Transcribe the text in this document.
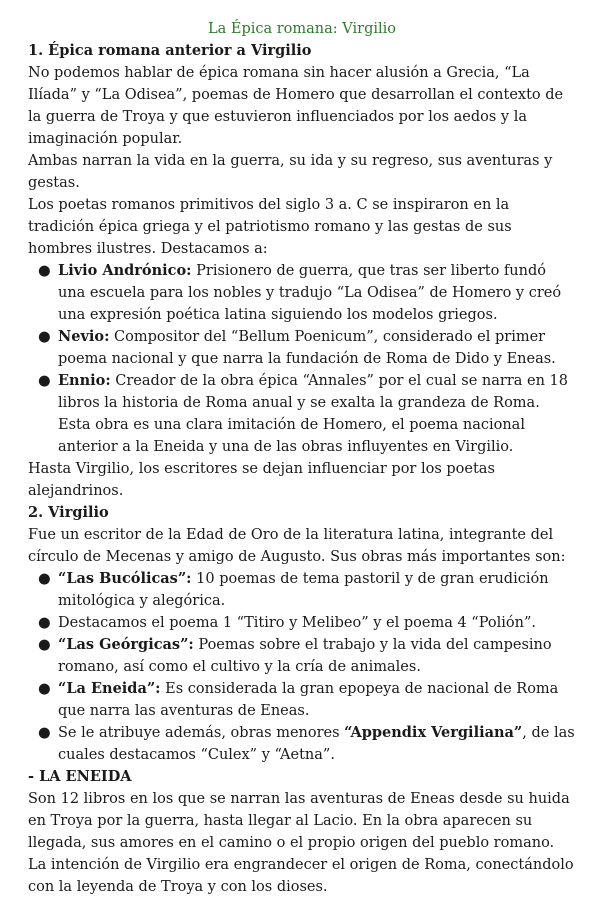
La Épica romana: Virgilio
1. Épica romana anterior a Virgilio

No podemos hablar de épica romana sin hacer alusión a Grecia, “La Ilíada” y “La Odisea”, poemas de Homero que desarrollan el contexto de la guerra de Troya y que estuvieron influenciados por los aedos y la imaginación popular.

Ambas narran la vida en la guerra, su ida y su regreso, sus aventuras y gestas.

Los poetas romanos primitivos del siglo 3 a. C se inspiraron en la tradición épica griega y el patriotismo romano y las gestas de sus hombres ilustres. Destacamos a:

● Livio Andrónico: Prisionero de guerra, que tras ser liberto fundó una escuela para los nobles y tradujo “La Odisea” de Homero y creó una expresión poética latina siguiendo los modelos griegos.
● Nevio: Compositor del “Bellum Poenicum”, considerado el primer poema nacional y que narra la fundación de Roma de Dido y Eneas.
● Ennio: Creador de la obra épica “Annales” por el cual se narra en 18 libros la historia de Roma anual y se exalta la grandeza de Roma. Esta obra es una clara imitación de Homero, el poema nacional anterior a la Eneida y una de las obras influyentes en Virgilio.

Hasta Virgilio, los escritores se dejan influenciar por los poetas alejandrinos.

2. Virgilio

Fue un escritor de la Edad de Oro de la literatura latina, integrante del círculo de Mecenas y amigo de Augusto. Sus obras más importantes son:

● “Las Bucólicas”: 10 poemas de tema pastoril y de gran erudición mitológica y alegórica.
● Destacamos el poema 1 “Titiro y Melibeo” y el poema 4 “Polión”.
● “Las Geórgicas”: Poemas sobre el trabajo y la vida del campesino romano, así como el cultivo y la cría de animales.
● “La Eneida”: Es considerada la gran epopeya de nacional de Roma que narra las aventuras de Eneas.
● Se le atribuye además, obras menores “Appendix Vergiliana”, de las cuales destacamos “Culex” y “Aetna”.
- LA ENEIDA

Son 12 libros en los que se narran las aventuras de Eneas desde su huida en Troya por la guerra, hasta llegar al Lacio. En la obra aparecen su llegada, sus amores en el camino o el propio origen del pueblo romano.

La intención de Virgilio era engrandecer el origen de Roma, conectándolo con la leyenda de Troya y con los dioses.
